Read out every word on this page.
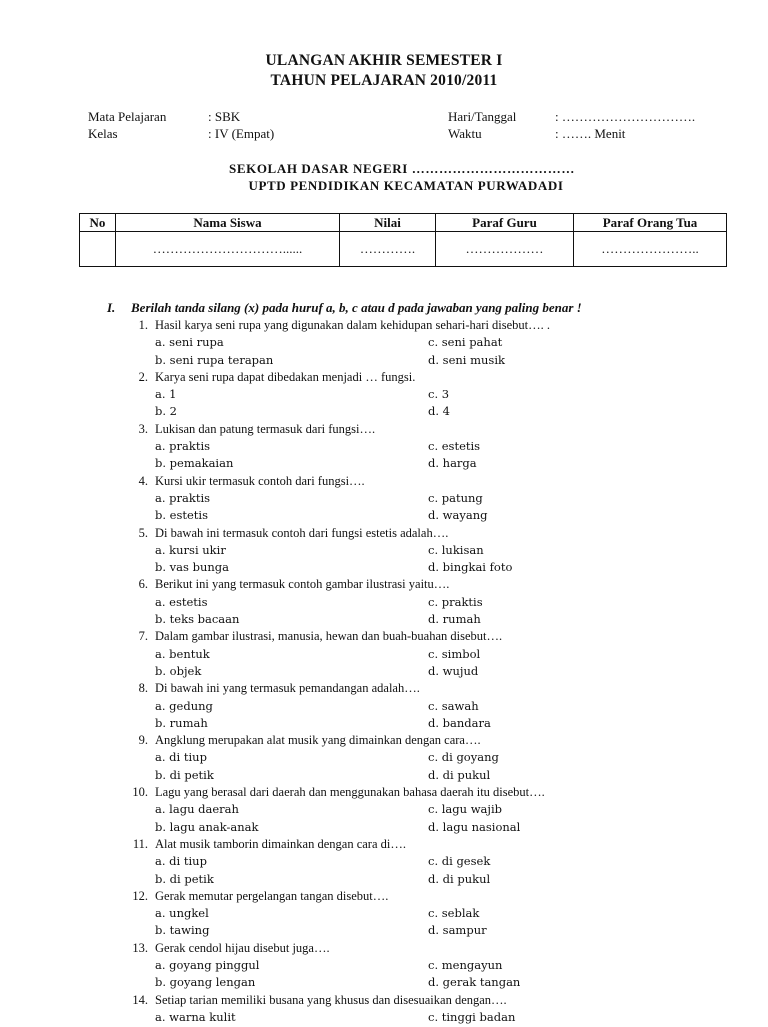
ULANGAN AKHIR SEMESTER I
TAHUN PELAJARAN 2010/2011
Mata Pelajaran	: SBK	Hari/Tanggal	: ………………………….
Kelas	: IV (Empat)	Waktu	: ……. Menit
SEKOLAH DASAR NEGERI ………………………………
UPTD PENDIDIKAN KECAMATAN PURWADADI
No	Nama Siswa	Nilai	Paraf Guru	Paraf Orang Tua
	…………………………......	………….	………………	…………………..
I. Berilah tanda silang (x) pada huruf a, b, c atau d pada jawaban yang paling benar !
1. Hasil karya seni rupa yang digunakan dalam kehidupan sehari-hari disebut…. .
a. seni rupa	c. seni pahat
b. seni rupa terapan	d. seni musik
2. Karya seni rupa dapat dibedakan menjadi … fungsi.
a. 1	c. 3
b. 2	d. 4
3. Lukisan dan patung termasuk dari fungsi….
a. praktis	c. estetis
b. pemakaian	d. harga
4. Kursi ukir termasuk contoh dari fungsi….
a. praktis	c. patung
b. estetis	d. wayang
5. Di bawah ini termasuk contoh dari fungsi estetis adalah….
a. kursi ukir	c. lukisan
b. vas bunga	d. bingkai foto
6. Berikut ini yang termasuk contoh gambar ilustrasi yaitu….
a. estetis	c. praktis
b. teks bacaan	d. rumah
7. Dalam gambar ilustrasi, manusia, hewan dan buah-buahan disebut….
a. bentuk	c. simbol
b. objek	d. wujud
8. Di bawah ini yang termasuk pemandangan adalah….
a. gedung	c. sawah
b. rumah	d. bandara
9. Angklung merupakan alat musik yang dimainkan dengan cara….
a. di tiup	c. di goyang
b. di petik	d. di pukul
10. Lagu yang berasal dari daerah dan menggunakan bahasa daerah itu disebut….
a. lagu daerah	c. lagu wajib
b. lagu anak-anak	d. lagu nasional
11. Alat musik tamborin dimainkan dengan cara di….
a. di tiup	c. di gesek
b. di petik	d. di pukul
12. Gerak memutar pergelangan tangan disebut….
a. ungkel	c. seblak
b. tawing	d. sampur
13. Gerak cendol hijau disebut juga….
a. goyang pinggul	c. mengayun
b. goyang lengan	d. gerak tangan
14. Setiap tarian memiliki busana yang khusus dan disesuaikan dengan….
a. warna kulit	c. tinggi badan
